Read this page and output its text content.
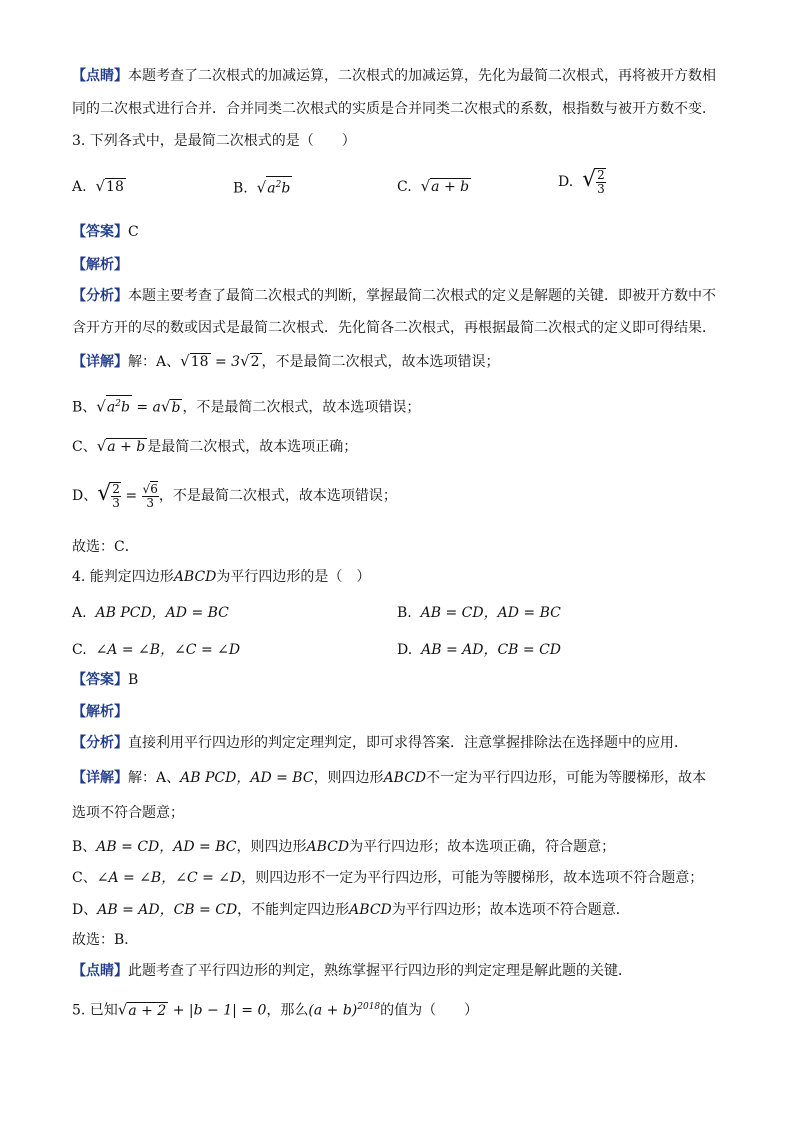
【点睛】本题考查了二次根式的加减运算，二次根式的加减运算，先化为最简二次根式，再将被开方数相
同的二次根式进行合并．合并同类二次根式的实质是合并同类二次根式的系数，根指数与被开方数不变．
3. 下列各式中，是最简二次根式的是（　　）
A. √18	B. $√a^2b$	C. √a + b	D. √ $\frac{2}{3}$
【答案】C
【解析】
【分析】本题主要考查了最简二次根式的判断，掌握最简二次根式的定义是解题的关键．即被开方数中不
含开方开的尽的数或因式是最简二次根式．先化简各二次根式，再根据最简二次根式的定义即可得结果．
【详解】解：A、√18 = 3√2 ，不是最简二次根式，故本选项错误；
B、$√a^2b = a√b$ ，不是最简二次根式，故本选项错误；
C、√a + b 是最简二次根式，故本选项正确；
D、√ $\frac{2}{3} = \frac{√6}{3}$ ，不是最简二次根式，故本选项错误；
故选：C．
4. 能判定四边形ABCD为平行四边形的是（　）
A. AB PCD，AD = BC	B. AB = CD，AD = BC
C. ∠A = ∠B，∠C = ∠D	D. AB = AD，CB = CD
【答案】B
【解析】
【分析】直接利用平行四边形的判定定理判定，即可求得答案．注意掌握排除法在选择题中的应用．
【详解】解：A、AB PCD，AD = BC，则四边形ABCD不一定为平行四边形，可能为等腰梯形，故本
选项不符合题意；
B、AB = CD，AD = BC，则四边形ABCD为平行四边形；故本选项正确，符合题意；
C、∠A = ∠B，∠C = ∠D，则四边形不一定为平行四边形，可能为等腰梯形，故本选项不符合题意；
D、AB = AD，CB = CD，不能判定四边形ABCD为平行四边形；故本选项不符合题意．
故选：B．
【点睛】此题考查了平行四边形的判定，熟练掌握平行四边形的判定定理是解此题的关键．
5. 已知√a + 2 + |b − 1| = 0，那么$(a + b)^{2018}$的值为（　　）
